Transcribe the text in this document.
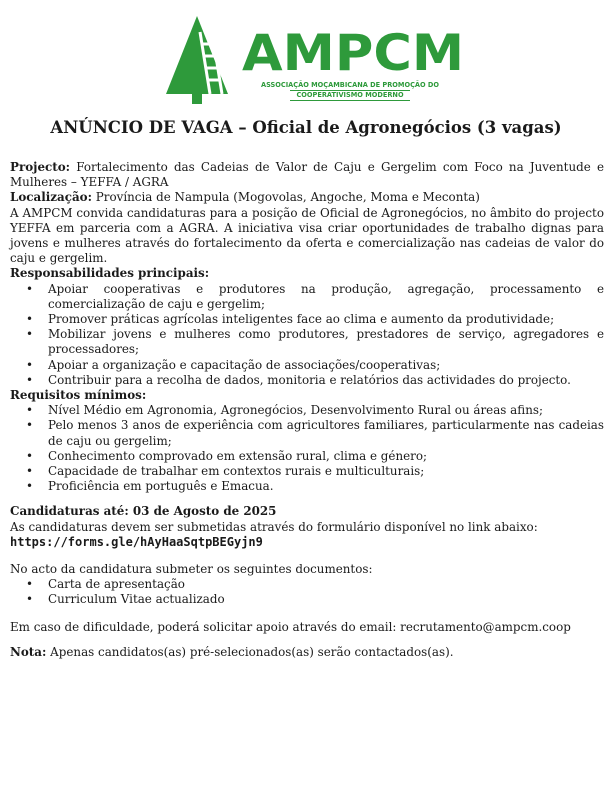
AMPCM
ASSOCIAÇÃO MOÇAMBICANA DE PROMOÇÃO DO
COOPERATIVISMO MODERNO
ANÚNCIO DE VAGA – Oficial de Agronegócios (3 vagas)

Projecto: Fortalecimento das Cadeias de Valor de Caju e Gergelim com Foco na Juventude e Mulheres – YEFFA / AGRA

Localização: Província de Nampula (Mogovolas, Angoche, Moma e Meconta)

A AMPCM convida candidaturas para a posição de Oficial de Agronegócios, no âmbito do projecto YEFFA em parceria com a AGRA. A iniciativa visa criar oportunidades de trabalho dignas para jovens e mulheres através do fortalecimento da oferta e comercialização nas cadeias de valor do caju e gergelim.

Responsabilidades principais:

• Apoiar cooperativas e produtores na produção, agregação, processamento e comercialização de caju e gergelim;
• Promover práticas agrícolas inteligentes face ao clima e aumento da produtividade;
• Mobilizar jovens e mulheres como produtores, prestadores de serviço, agregadores e processadores;
• Apoiar a organização e capacitação de associações/cooperativas;
• Contribuir para a recolha de dados, monitoria e relatórios das actividades do projecto.

Requisitos mínimos:

• Nível Médio em Agronomia, Agronegócios, Desenvolvimento Rural ou áreas afins;
• Pelo menos 3 anos de experiência com agricultores familiares, particularmente nas cadeias de caju ou gergelim;
• Conhecimento comprovado em extensão rural, clima e género;
• Capacidade de trabalhar em contextos rurais e multiculturais;
• Proficiência em português e Emacua.

Candidaturas até: 03 de Agosto de 2025

As candidaturas devem ser submetidas através do formulário disponível no link abaixo:

https://forms.gle/hAyHaaSqtpBEGyjn9

No acto da candidatura submeter os seguintes documentos:

• Carta de apresentação
• Curriculum Vitae actualizado

Em caso de dificuldade, poderá solicitar apoio através do email: recrutamento@ampcm.coop

Nota: Apenas candidatos(as) pré-selecionados(as) serão contactados(as).
